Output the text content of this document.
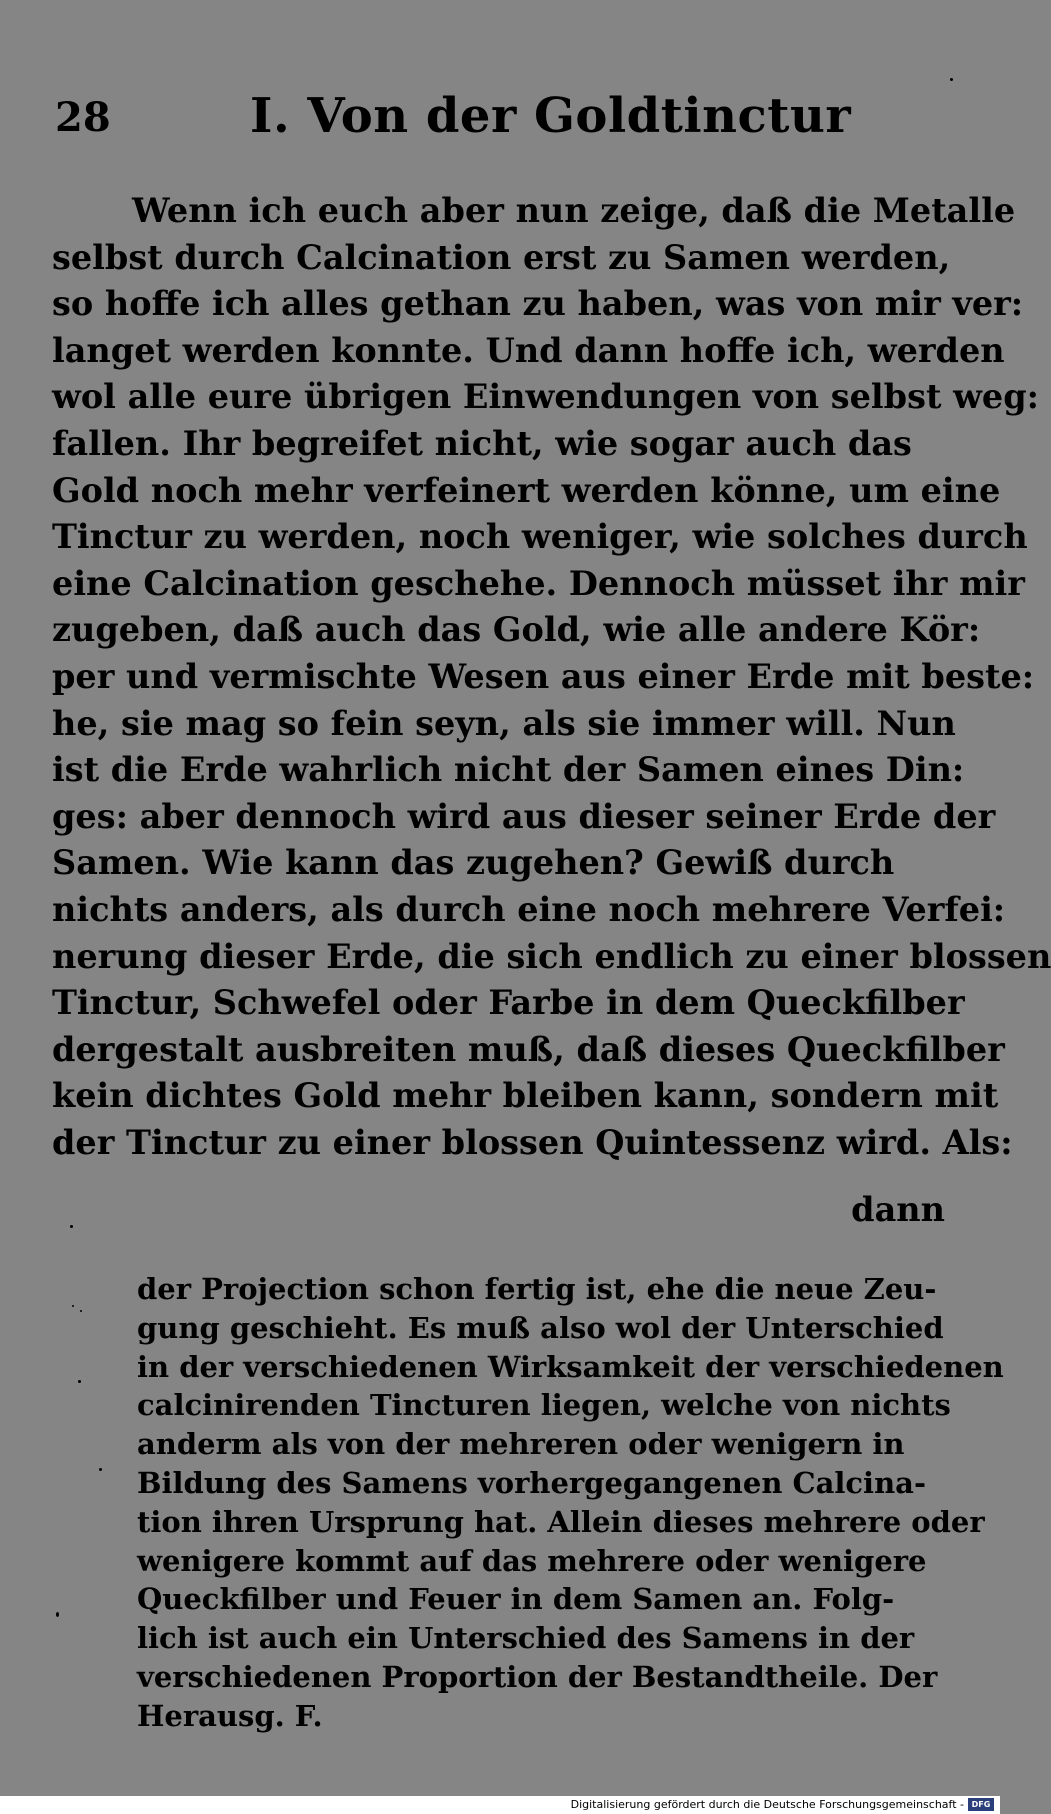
28	I. Von der Goldtinctur
Wenn ich euch aber nun zeige, daß die Metalle
selbst durch Calcination erst zu Samen werden,
so hoffe ich alles gethan zu haben, was von mir ver:
langet werden konnte. Und dann hoffe ich, werden
wol alle eure übrigen Einwendungen von selbst weg:
fallen. Ihr begreifet nicht, wie sogar auch das
Gold noch mehr verfeinert werden könne, um eine
Tinctur zu werden, noch weniger, wie solches durch
eine Calcination geschehe. Dennoch müsset ihr mir
zugeben, daß auch das Gold, wie alle andere Kör:
per und vermischte Wesen aus einer Erde mit beste:
he, sie mag so fein seyn, als sie immer will. Nun
ist die Erde wahrlich nicht der Samen eines Din:
ges: aber dennoch wird aus dieser seiner Erde der
Samen. Wie kann das zugehen? Gewiß durch
nichts anders, als durch eine noch mehrere Verfei:
nerung dieser Erde, die sich endlich zu einer blossen
Tinctur, Schwefel oder Farbe in dem Queckfilber
dergestalt ausbreiten muß, daß dieses Queckfilber
kein dichtes Gold mehr bleiben kann, sondern mit
der Tinctur zu einer blossen Quintessenz wird. Als:
dann
der Projection schon fertig ist, ehe die neue Zeu-
gung geschieht. Es muß also wol der Unterschied
in der verschiedenen Wirksamkeit der verschiedenen
calcinirenden Tincturen liegen, welche von nichts
anderm als von der mehreren oder wenigern in
Bildung des Samens vorhergegangenen Calcina-
tion ihren Ursprung hat. Allein dieses mehrere oder
wenigere kommt auf das mehrere oder wenigere
Queckfilber und Feuer in dem Samen an. Folg-
lich ist auch ein Unterschied des Samens in der
verschiedenen Proportion der Bestandtheile. Der
Herausg. F.
Digitalisierung gefördert durch die Deutsche Forschungsgemeinschaft - DFG
